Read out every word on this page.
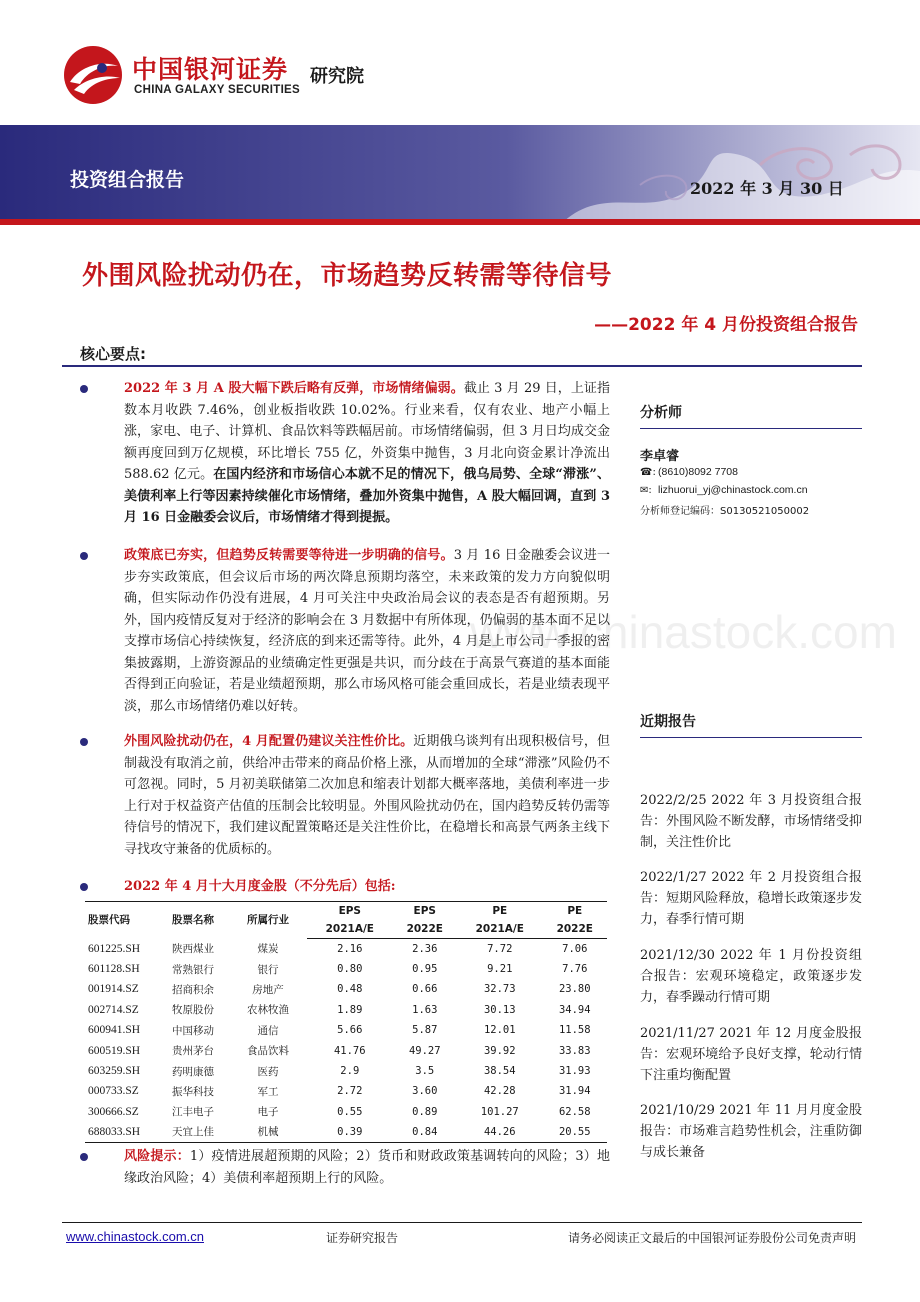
中国银河证券
CHINA GALAXY SECURITIES
研究院
投资组合报告	2022 年 3 月 30 日
外围风险扰动仍在，市场趋势反转需等待信号
——2022 年 4 月份投资组合报告
核心要点:
www.chinastock.com
2022 年 3 月 A 股大幅下跌后略有反弹，市场情绪偏弱。截止 3 月 29 日，上证指数本月收跌 7.46%，创业板指收跌 10.02%。行业来看，仅有农业、地产小幅上涨，家电、电子、计算机、食品饮料等跌幅居前。市场情绪偏弱，但 3 月日均成交金额再度回到万亿规模，环比增长 755 亿，外资集中抛售，3 月北向资金累计净流出 588.62 亿元。在国内经济和市场信心本就不足的情况下，俄乌局势、全球“滞涨”、美债利率上行等因素持续催化市场情绪，叠加外资集中抛售，A 股大幅回调，直到 3 月 16 日金融委会议后，市场情绪才得到提振。
政策底已夯实，但趋势反转需要等待进一步明确的信号。3 月 16 日金融委会议进一步夯实政策底，但会议后市场的两次降息预期均落空，未来政策的发力方向貌似明确，但实际动作仍没有进展，4 月可关注中央政治局会议的表态是否有超预期。另外，国内疫情反复对于经济的影响会在 3 月数据中有所体现，仍偏弱的基本面不足以支撑市场信心持续恢复，经济底的到来还需等待。此外，4 月是上市公司一季报的密集披露期，上游资源品的业绩确定性更强是共识，而分歧在于高景气赛道的基本面能否得到正向验证，若是业绩超预期，那么市场风格可能会重回成长，若是业绩表现平淡，那么市场情绪仍难以好转。
外围风险扰动仍在，4 月配置仍建议关注性价比。近期俄乌谈判有出现积极信号，但制裁没有取消之前，供给冲击带来的商品价格上涨，从而增加的全球“滞涨”风险仍不可忽视。同时，5 月初美联储第二次加息和缩表计划都大概率落地，美债利率进一步上行对于权益资产估值的压制会比较明显。外围风险扰动仍在，国内趋势反转仍需等待信号的情况下，我们建议配置策略还是关注性价比，在稳增长和高景气两条主线下寻找攻守兼备的优质标的。
2022 年 4 月十大月度金股（不分先后）包括:
股票代码	股票名称	所属行业	EPS	EPS	PE	PE
			2021A/E	2022E	2021A/E	2022E
601225.SH	陕西煤业	煤炭	2.16	2.36	7.72	7.06
601128.SH	常熟银行	银行	0.80	0.95	9.21	7.76
001914.SZ	招商积余	房地产	0.48	0.66	32.73	23.80
002714.SZ	牧原股份	农林牧渔	1.89	1.63	30.13	34.94
600941.SH	中国移动	通信	5.66	5.87	12.01	11.58
600519.SH	贵州茅台	食品饮料	41.76	49.27	39.92	33.83
603259.SH	药明康德	医药	2.9	3.5	38.54	31.93
000733.SZ	振华科技	军工	2.72	3.60	42.28	31.94
300666.SZ	江丰电子	电子	0.55	0.89	101.27	62.58
688033.SH	天宜上佳	机械	0.39	0.84	44.26	20.55
风险提示：1）疫情进展超预期的风险；2）货币和财政政策基调转向的风险；3）地缘政治风险；4）美债利率超预期上行的风险。
分析师
李卓睿
☎: (8610)8092 7708
✉: lizhuorui_yj@chinastock.com.cn
分析师登记编码：S0130521050002
近期报告
2022/2/25 2022 年 3 月投资组合报告：外围风险不断发酵，市场情绪受抑制，关注性价比
2022/1/27 2022 年 2 月投资组合报告：短期风险释放，稳增长政策逐步发力，春季行情可期
2021/12/30 2022 年 1 月份投资组合报告：宏观环境稳定，政策逐步发力，春季躁动行情可期
2021/11/27 2021 年 12 月度金股报告：宏观环境给予良好支撑，轮动行情下注重均衡配置
2021/10/29 2021 年 11 月月度金股报告：市场难言趋势性机会，注重防御与成长兼备
www.chinastock.com.cn	证券研究报告	请务必阅读正文最后的中国银河证券股份公司免责声明
